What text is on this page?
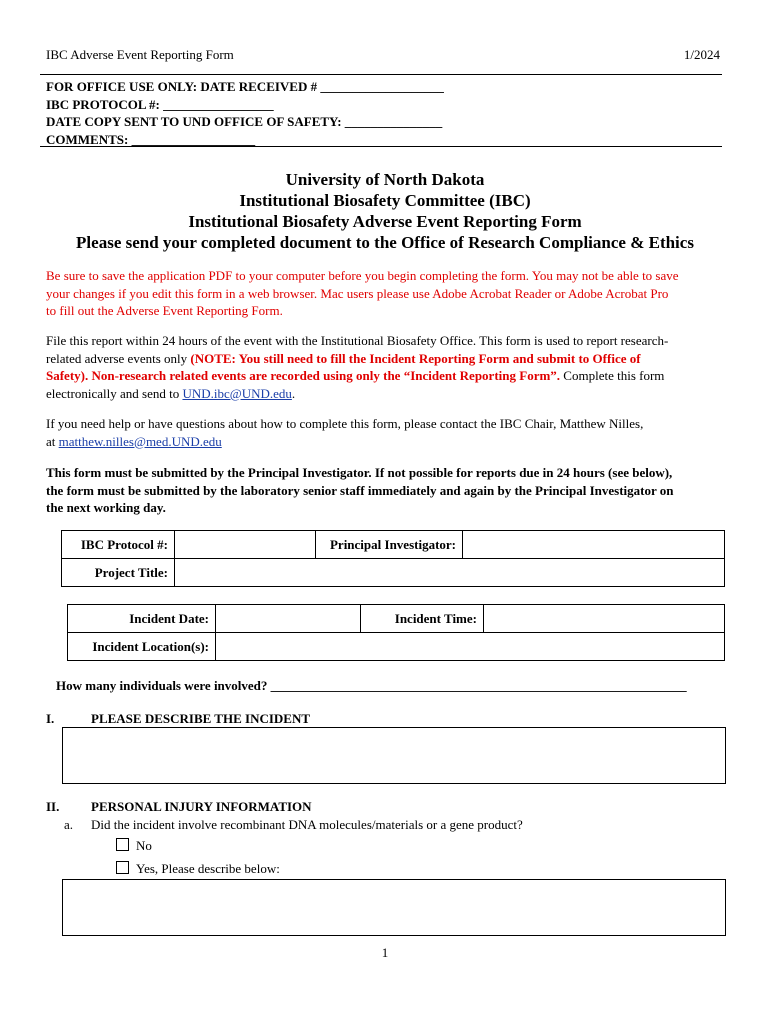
IBC Adverse Event Reporting Form	1/2024
FOR OFFICE USE ONLY: DATE RECEIVED # ___________________
IBC PROTOCOL #: _________________
DATE COPY SENT TO UND OFFICE OF SAFETY: _______________
COMMENTS: ___________________
University of North Dakota
Institutional Biosafety Committee (IBC)
Institutional Biosafety Adverse Event Reporting Form
Please send your completed document to the Office of Research Compliance & Ethics
Be sure to save the application PDF to your computer before you begin completing the form. You may not be able to save
your changes if you edit this form in a web browser. Mac users please use Adobe Acrobat Reader or Adobe Acrobat Pro
to fill out the Adverse Event Reporting Form.
File this report within 24 hours of the event with the Institutional Biosafety Office. This form is used to report research-
related adverse events only (NOTE: You still need to fill the Incident Reporting Form and submit to Office of
Safety). Non-research related events are recorded using only the “Incident Reporting Form”. Complete this form
electronically and send to UND.ibc@UND.edu.
If you need help or have questions about how to complete this form, please contact the IBC Chair, Matthew Nilles,
at matthew.nilles@med.UND.edu
This form must be submitted by the Principal Investigator. If not possible for reports due in 24 hours (see below),
the form must be submitted by the laboratory senior staff immediately and again by the Principal Investigator on
the next working day.
IBC Protocol #:		Principal Investigator:	
Project Title:			
Incident Date:		Incident Time:	
Incident Location(s):			
How many individuals were involved? ________________________________________________________________
I.	PLEASE DESCRIBE THE INCIDENT
II. PERSONAL INJURY INFORMATION
a. Did the incident involve recombinant DNA molecules/materials or a gene product?
No
Yes, Please describe below:
1
